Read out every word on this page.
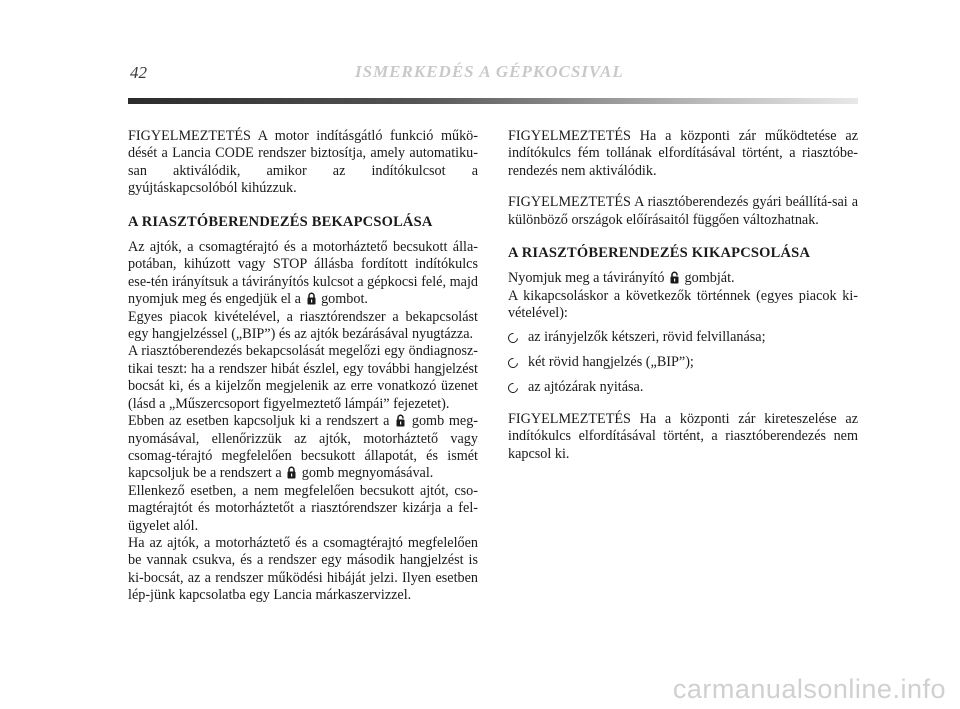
42	ISMERKEDÉS A GÉPKOCSIVAL

FIGYELMEZTETÉS A motor indításgátló funkció műkö-dését a Lancia CODE rendszer biztosítja, amely automatiku-san aktiválódik, amikor az indítókulcsot a gyújtáskapcsolóból kihúzzuk.

A RIASZTÓBERENDEZÉS BEKAPCSOLÁSA

Az ajtók, a csomagtérajtó és a motorháztető becsukott álla-potában, kihúzott vagy STOP állásba fordított indítókulcs ese-tén irányítsuk a távirányítós kulcsot a gépkocsi felé, majd nyomjuk meg és engedjük el a gombot.

Egyes piacok kivételével, a riasztórendszer a bekapcsolást egy hangjelzéssel („BIP”) és az ajtók bezárásával nyugtázza.

A riasztóberendezés bekapcsolását megelőzi egy öndiagnosz-tikai teszt: ha a rendszer hibát észlel, egy további hangjelzést bocsát ki, és a kijelzőn megjelenik az erre vonatkozó üzenet (lásd a „Műszercsoport figyelmeztető lámpái” fejezetet).

Ebben az esetben kapcsoljuk ki a rendszert a gomb meg-nyomásával, ellenőrizzük az ajtók, motorháztető vagy csomag-térajtó megfelelően becsukott állapotát, és ismét kapcsoljuk be a rendszert a gomb megnyomásával.

Ellenkező esetben, a nem megfelelően becsukott ajtót, cso-magtérajtót és motorháztetőt a riasztórendszer kizárja a fel-ügyelet alól.

Ha az ajtók, a motorháztető és a csomagtérajtó megfelelően be vannak csukva, és a rendszer egy második hangjelzést is ki-bocsát, az a rendszer működési hibáját jelzi. Ilyen esetben lép-jünk kapcsolatba egy Lancia márkaszervizzel.

FIGYELMEZTETÉS Ha a központi zár működtetése az indítókulcs fém tollának elfordításával történt, a riasztóbe-rendezés nem aktiválódik.

FIGYELMEZTETÉS A riasztóberendezés gyári beállítá-sai a különböző országok előírásaitól függően változhatnak.

A RIASZTÓBERENDEZÉS KIKAPCSOLÁSA

Nyomjuk meg a távirányító gombját.

A kikapcsoláskor a következők történnek (egyes piacok ki-vételével):

az irányjelzők kétszeri, rövid felvillanása;
két rövid hangjelzés („BIP”);
az ajtózárak nyitása.

FIGYELMEZTETÉS Ha a központi zár kireteszelése az indítókulcs elfordításával történt, a riasztóberendezés nem kapcsol ki.

carmanualsonline.info
